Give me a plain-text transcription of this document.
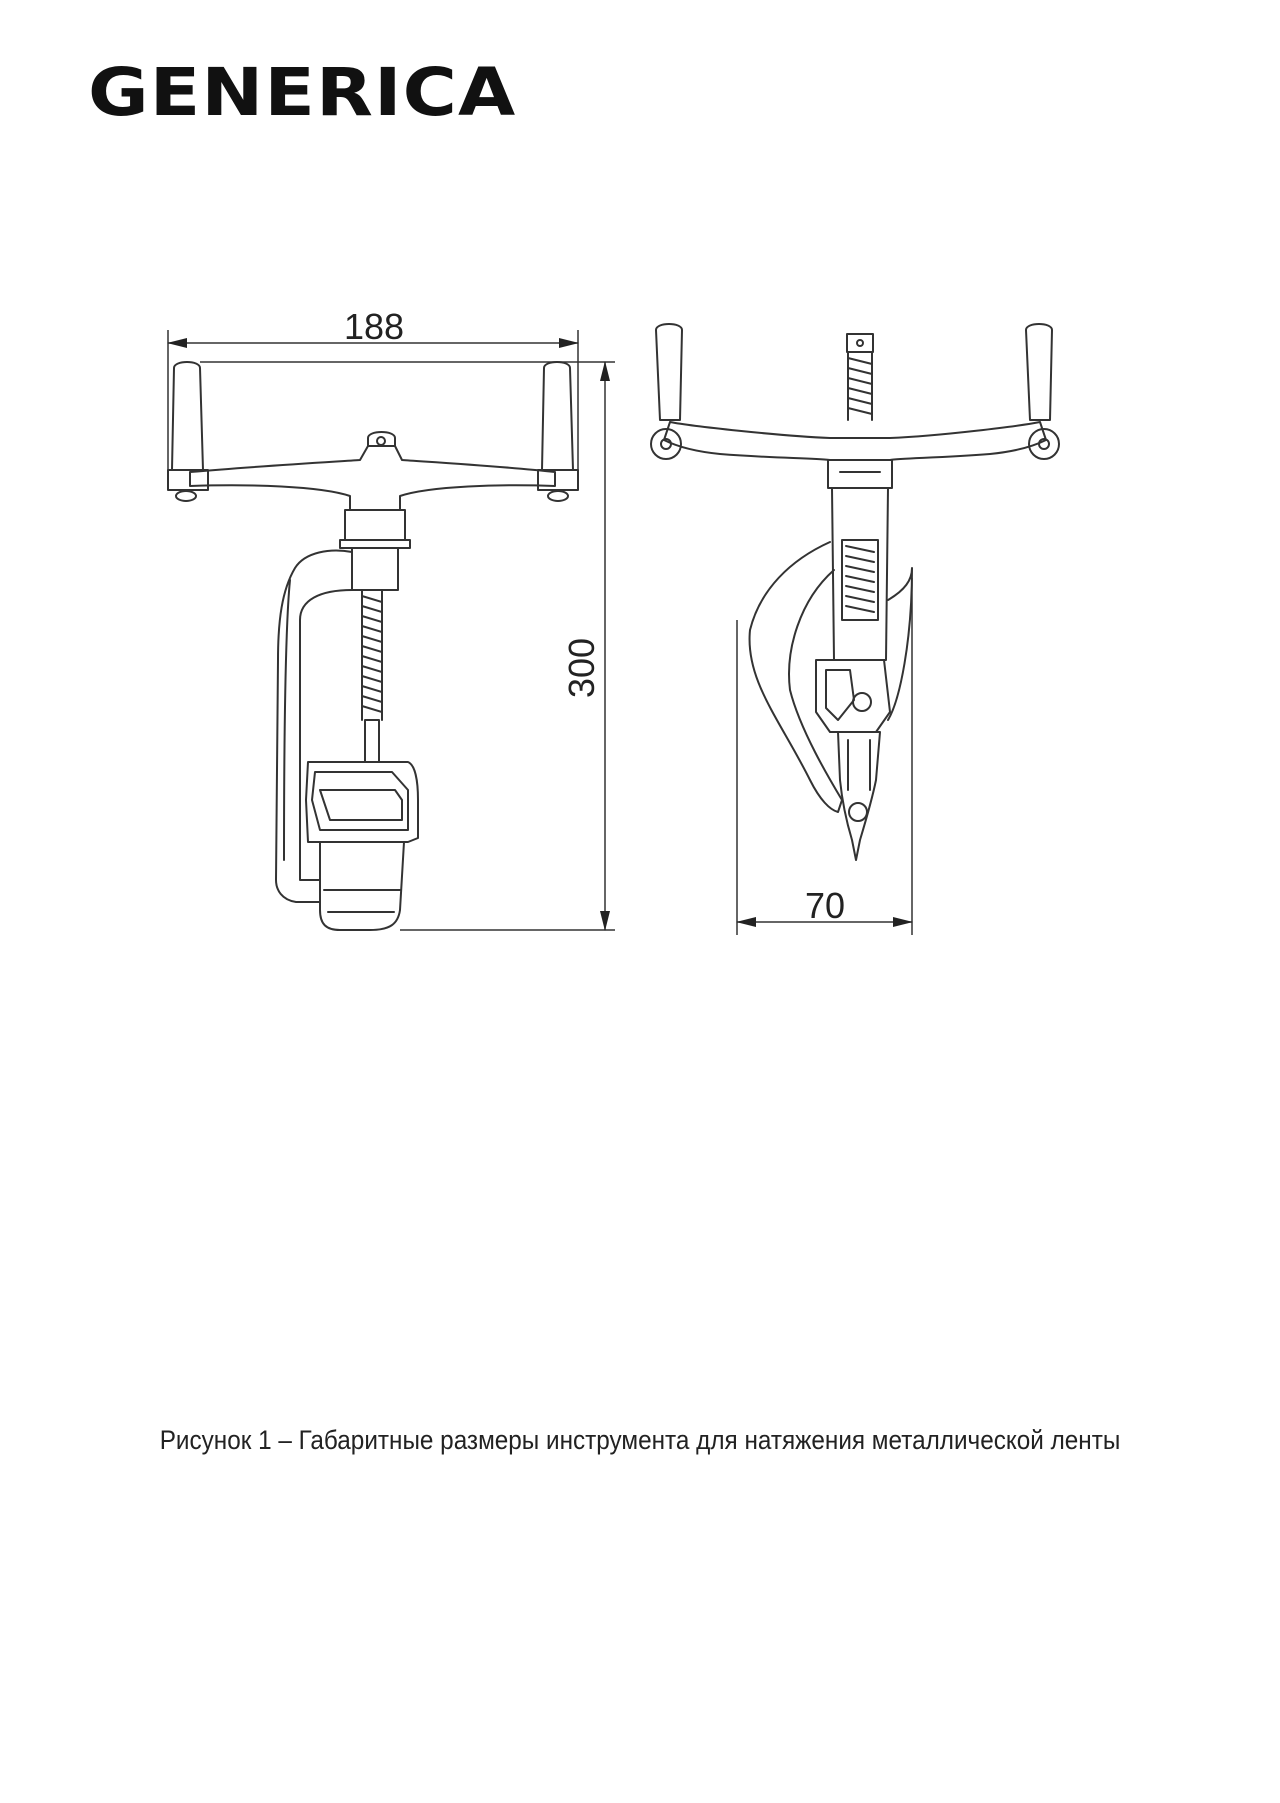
GENERICA
188
300
70
Рисунок 1 – Габаритные размеры инструмента для натяжения металлической ленты
